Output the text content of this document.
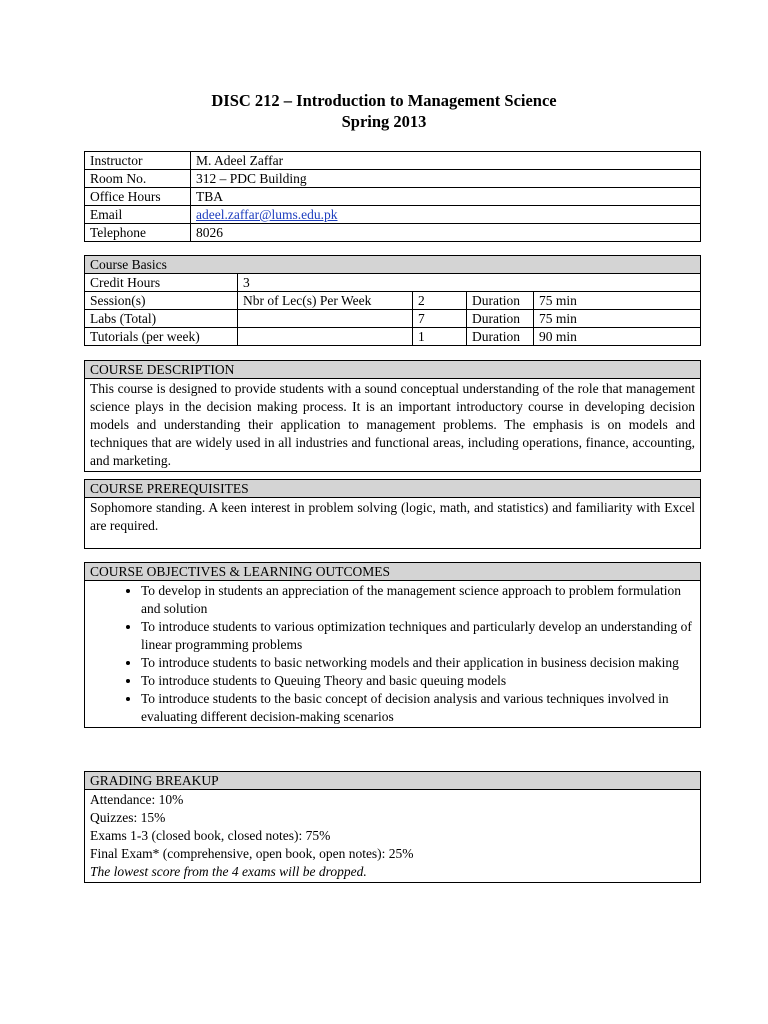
DISC 212 – Introduction to Management Science
Spring 2013
Instructor	M. Adeel Zaffar
Room No.	312 – PDC Building
Office Hours	TBA
Email	adeel.zaffar@lums.edu.pk
Telephone	8026
Course Basics				
Credit Hours	3			
Session(s)	Nbr of Lec(s) Per Week	2	Duration	75 min
Labs (Total)		7	Duration	75 min
Tutorials (per week)		1	Duration	90 min
COURSE DESCRIPTION
This course is designed to provide students with a sound conceptual understanding of the role that management science plays in the decision making process. It is an important introductory course in developing decision models and understanding their application to management problems. The emphasis is on models and techniques that are widely used in all industries and functional areas, including operations, finance, accounting, and marketing.
COURSE PREREQUISITES
Sophomore standing. A keen interest in problem solving (logic, math, and statistics) and familiarity with Excel are required.
COURSE OBJECTIVES & LEARNING OUTCOMES

• To develop in students an appreciation of the management science approach to problem formulation and solution
• To introduce students to various optimization techniques and particularly develop an understanding of linear programming problems
• To introduce students to basic networking models and their application in business decision making
• To introduce students to Queuing Theory and basic queuing models
• To introduce students to the basic concept of decision analysis and various techniques involved in evaluating different decision-making scenarios
GRADING BREAKUP

Attendance: 10%
Quizzes: 15%
Exams 1-3 (closed book, closed notes): 75%
Final Exam* (comprehensive, open book, open notes): 25%
The lowest score from the 4 exams will be dropped.
